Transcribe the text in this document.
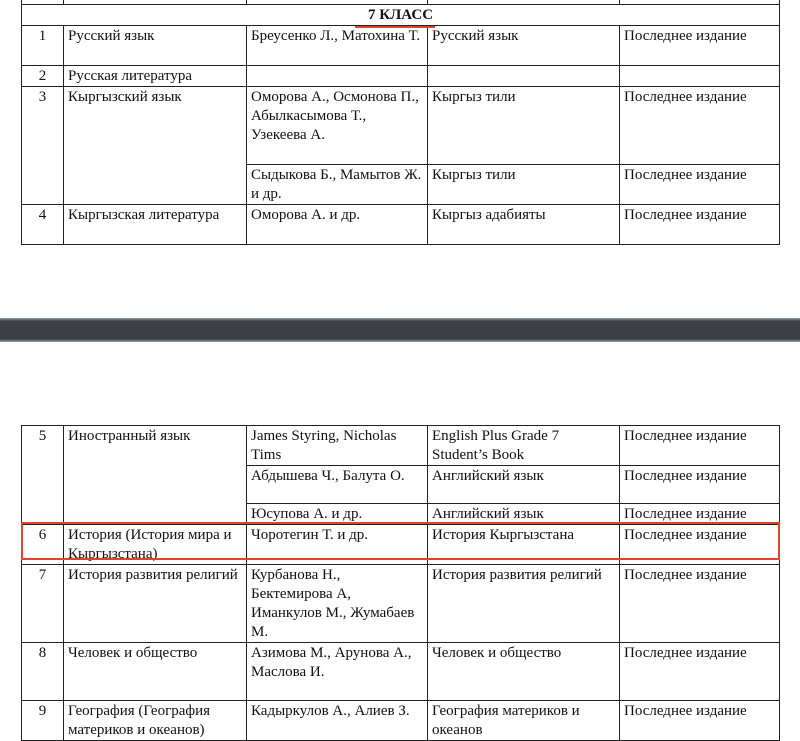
7 КЛАСС				
1	Русский язык	Бреусенко Л., Матохина Т.	Русский язык	Последнее издание
2	Русская литература			
3	Кыргызский язык	Оморова А., Осмонова П., Абылкасымова Т., Узекеева А.	Кыргыз тили	Последнее издание
		Сыдыкова Б., Мамытов Ж. и др.	Кыргыз тили	Последнее издание
4	Кыргызская литература	Оморова А. и др.	Кыргыз адабияты	Последнее издание
5	Иностранный язык	James Styring, Nicholas Tims	English Plus Grade 7 Student’s Book	Последнее издание
		Абдышева Ч., Балута О.	Английский язык	Последнее издание
		Юсупова А. и др.	Английский язык	Последнее издание
6	История (История мира и Кыргызстана)	Чоротегин Т. и др.	История Кыргызстана	Последнее издание
7	История развития религий	Курбанова Н., Бектемирова А, Иманкулов М., Жумабаев М.	История развития религий	Последнее издание
8	Человек и общество	Азимова М., Арунова А., Маслова И.	Человек и общество	Последнее издание
9	География (География материков и океанов)	Кадыркулов А., Алиев З.	География материков и океанов	Последнее издание
